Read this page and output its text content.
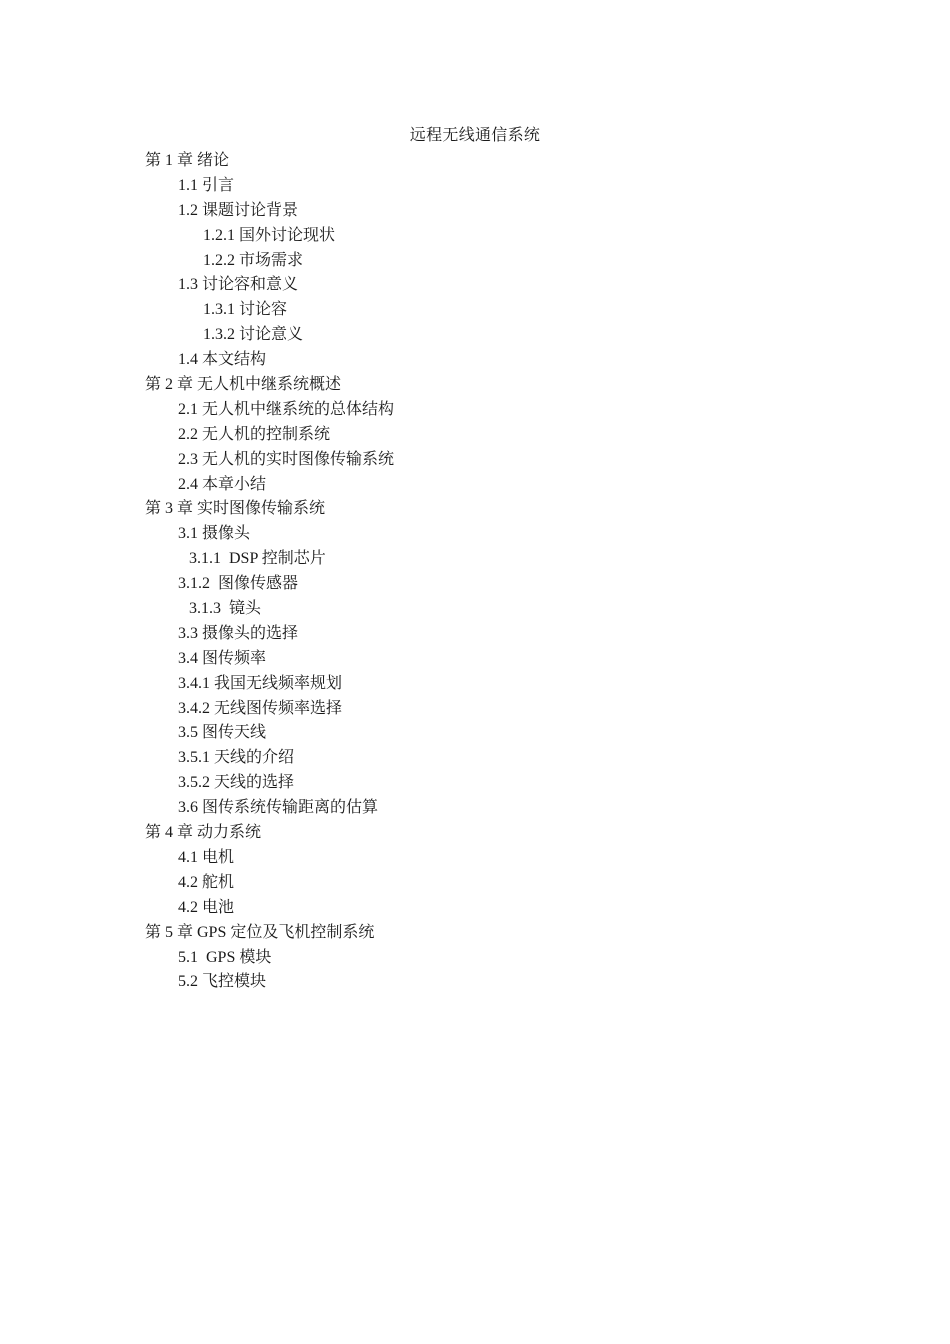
远程无线通信系统
第 1 章 绪论
1.1 引言
1.2 课题讨论背景
1.2.1 国外讨论现状
1.2.2 市场需求
1.3 讨论容和意义
1.3.1 讨论容
1.3.2 讨论意义
1.4 本文结构
第 2 章 无人机中继系统概述
2.1 无人机中继系统的总体结构
2.2 无人机的控制系统
2.3 无人机的实时图像传输系统
2.4 本章小结
第 3 章 实时图像传输系统
3.1 摄像头
3.1.1  DSP 控制芯片
3.1.2  图像传感器
3.1.3  镜头
3.3 摄像头的选择
3.4 图传频率
3.4.1 我国无线频率规划
3.4.2 无线图传频率选择
3.5 图传天线
3.5.1 天线的介绍
3.5.2 天线的选择
3.6 图传系统传输距离的估算
第 4 章 动力系统
4.1 电机
4.2 舵机
4.2 电池
第 5 章 GPS 定位及飞机控制系统
5.1  GPS 模块
5.2 飞控模块
